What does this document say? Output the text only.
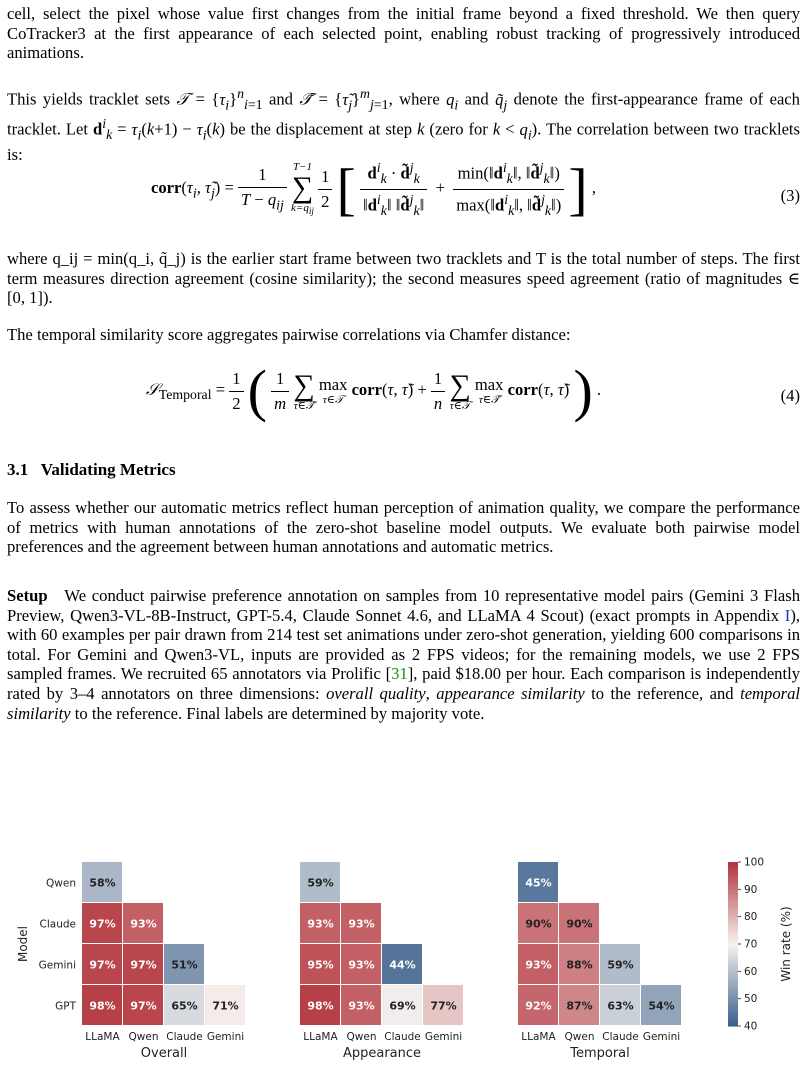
cell, select the pixel whose value first changes from the initial frame beyond a fixed threshold. We then query CoTracker3 at the first appearance of each selected point, enabling robust tracking of progressively introduced animations.

This yields tracklet sets 𝒯 = $\{\tau_i\}^n_{i=1}$ and 𝒯̃ = $\{\taũ_j\}^m_{j=1}$, where $q_i$ and $q̃_j$ denote the first-appearance frame of each tracklet. Let $d^i_k = \tau_i(k+1) - \tau_i(k)$ be the displacement at step k (zero for $k < q_i$). The correlation between two tracklets is:

$corr(\tau_i$, $\taũ_j) = \frac{1}{T - q_{ij}}$
T−1
∑
$k=q_{ij}$
$\frac{1}{2}$ [ $\frac{d^i_k \cdot d̃^j_k}{‖d^i_k‖ ‖d̃^j_k‖} + \frac{\min(‖d^i_k‖, ‖d̃^j_k‖)}{\max(‖d^i_k‖, ‖d̃^j_k‖)}$ ] ,	(3)

where q_ij = min(q_i, q̃_j) is the earlier start frame between two tracklets and T is the total number of steps. The first term measures direction agreement (cosine similarity); the second measures speed agreement (ratio of magnitudes ∈ [0, 1]).

The temporal similarity score aggregates pairwise correlations via Chamfer distance:

𝒮$_{Temporal}$ = $\frac{1}{2}$ ( $\frac{1}{m}$
∑
τ̃∈𝒯̃
max
τ∈𝒯
corr(τ, τ̃) + $\frac{1}{n}$
∑
τ∈𝒯
max
τ̃∈𝒯̃
corr(τ, τ̃) ) .	(4)
3.1   Validating Metrics

To assess whether our automatic metrics reflect human perception of animation quality, we compare the performance of metrics with human annotations of the zero-shot baseline model outputs. We evaluate both pairwise model preferences and the agreement between human annotations and automatic metrics.

Setup We conduct pairwise preference annotation on samples from 10 representative model pairs (Gemini 3 Flash Preview, Qwen3-VL-8B-Instruct, GPT-5.4, Claude Sonnet 4.6, and LLaMA 4 Scout) (exact prompts in Appendix I), with 60 examples per pair drawn from 214 test set animations under zero-shot generation, yielding 600 comparisons in total. For Gemini and Qwen3-VL, inputs are provided as 2 FPS videos; for the remaining models, we use 2 FPS sampled frames. We recruited 65 annotators via Prolific [31], paid $18.00 per hour. Each comparison is independently rated by 3–4 annotators on three dimensions: overall quality, appearance similarity to the reference, and temporal similarity to the reference. Final labels are determined by majority vote.

58%
97% 93%
97% 97% 51%
98% 97% 65% 71%
LLaMA Qwen Claude Gemini
Overall
Qwen
Claude
Gemini
GPT
Model
59%
93% 93%
95% 93% 44%
98% 93% 69% 77%
LLaMA Qwen Claude Gemini
Appearance
45%
90% 90%
93% 88% 59%
92% 87% 63% 54%
LLaMA Qwen Claude Gemini
Temporal
40
50
60
70
80
90
100
Win rate (%)
